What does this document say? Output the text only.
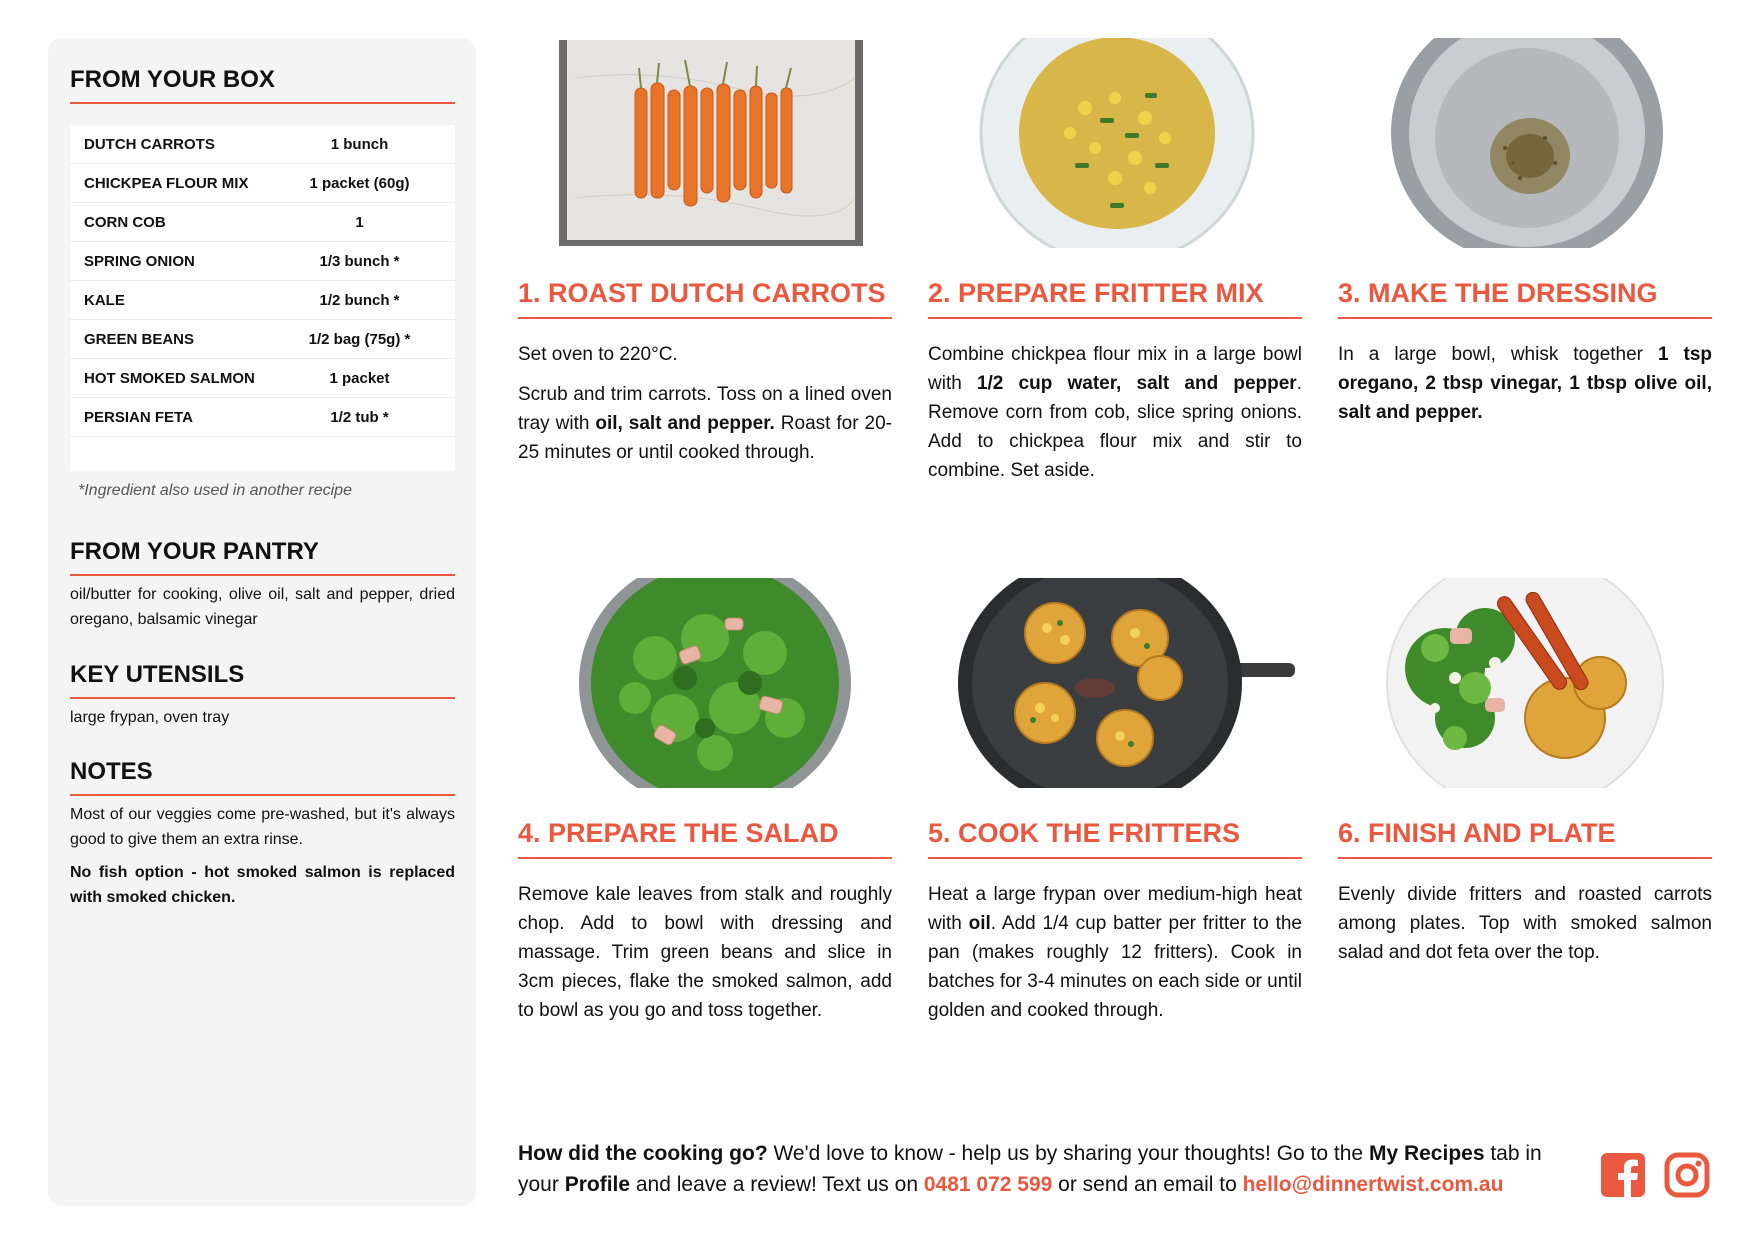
FROM YOUR BOX
DUTCH CARROTS	1 bunch
CHICKPEA FLOUR MIX	1 packet (60g)
CORN COB	1
SPRING ONION	1/3 bunch *
KALE	1/2 bunch *
GREEN BEANS	1/2 bag (75g) *
HOT SMOKED SALMON	1 packet
PERSIAN FETA	1/2 tub *
*Ingredient also used in another recipe
FROM YOUR PANTRY

oil/butter for cooking, olive oil, salt and pepper, dried oregano, balsamic vinegar

KEY UTENSILS

large frypan, oven tray

NOTES

Most of our veggies come pre-washed, but it's always good to give them an extra rinse.

No fish option - hot smoked salmon is replaced with smoked chicken.

1. ROAST DUTCH CARROTS

Set oven to 220°C.

Scrub and trim carrots. Toss on a lined oven tray with oil, salt and pepper. Roast for 20-25 minutes or until cooked through.

2. PREPARE FRITTER MIX

Combine chickpea flour mix in a large bowl with 1/2 cup water, salt and pepper. Remove corn from cob, slice spring onions. Add to chickpea flour mix and stir to combine. Set aside.

3. MAKE THE DRESSING

In a large bowl, whisk together 1 tsp oregano, 2 tbsp vinegar, 1 tbsp olive oil, salt and pepper.

4. PREPARE THE SALAD

Remove kale leaves from stalk and roughly chop. Add to bowl with dressing and massage. Trim green beans and slice in 3cm pieces, flake the smoked salmon, add to bowl as you go and toss together.

5. COOK THE FRITTERS

Heat a large frypan over medium-high heat with oil. Add 1/4 cup batter per fritter to the pan (makes roughly 12 fritters). Cook in batches for 3-4 minutes on each side or until golden and cooked through.

6. FINISH AND PLATE

Evenly divide fritters and roasted carrots among plates. Top with smoked salmon salad and dot feta over the top.

How did the cooking go? We'd love to know - help us by sharing your thoughts! Go to the My Recipes tab in your Profile and leave a review! Text us on 0481 072 599 or send an email to hello@dinnertwist.com.au
